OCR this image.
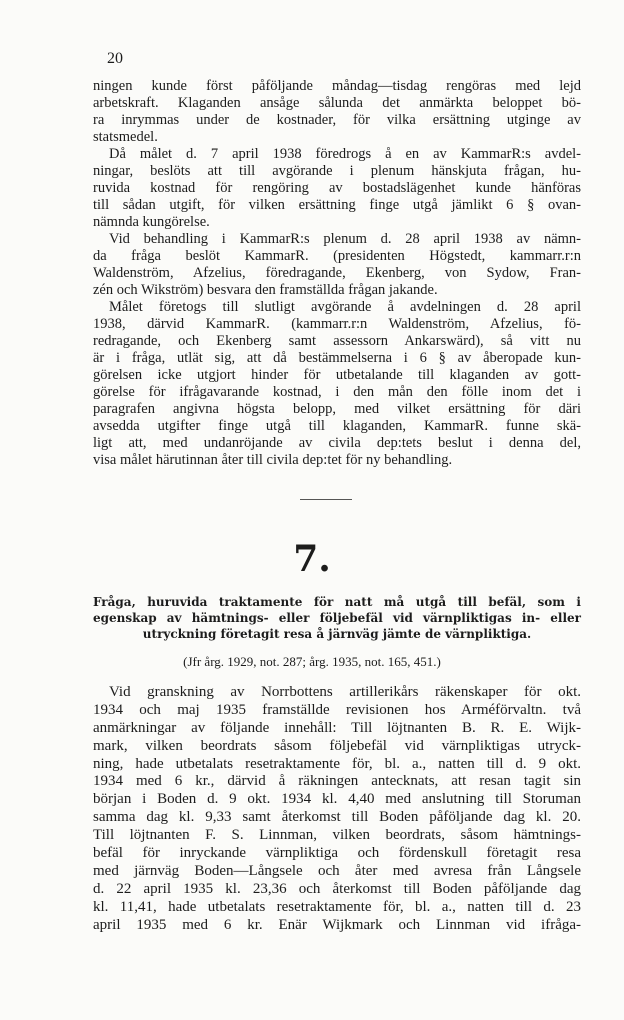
20
ningen kunde först påföljande måndag—tisdag rengöras med lejd
arbetskraft. Klaganden ansåge sålunda det anmärkta beloppet bö-
ra inrymmas under de kostnader, för vilka ersättning utginge av
statsmedel.
Då målet d. 7 april 1938 föredrogs å en av KammarR:s avdel-
ningar, beslöts att till avgörande i plenum hänskjuta frågan, hu-
ruvida kostnad för rengöring av bostadslägenhet kunde hänföras
till sådan utgift, för vilken ersättning finge utgå jämlikt 6 § ovan-
nämnda kungörelse.
Vid behandling i KammarR:s plenum d. 28 april 1938 av nämn-
da fråga beslöt KammarR. (presidenten Högstedt, kammarr.r:n
Waldenström, Afzelius, föredragande, Ekenberg, von Sydow, Fran-
zén och Wikström) besvara den framställda frågan jakande.
Målet företogs till slutligt avgörande å avdelningen d. 28 april
1938, därvid KammarR. (kammarr.r:n Waldenström, Afzelius, fö-
redragande, och Ekenberg samt assessorn Ankarswärd), så vitt nu
är i fråga, utlät sig, att då bestämmelserna i 6 § av åberopade kun-
görelsen icke utgjort hinder för utbetalande till klaganden av gott-
görelse för ifrågavarande kostnad, i den mån den fölle inom det i
paragrafen angivna högsta belopp, med vilket ersättning för däri
avsedda utgifter finge utgå till klaganden, KammarR. funne skä-
ligt att, med undanröjande av civila dep:tets beslut i denna del,
visa målet härutinnan åter till civila dep:tet för ny behandling.
7.
Fråga, huruvida traktamente för natt må utgå till befäl, som i
egenskap av hämtnings- eller följebefäl vid värnpliktigas in- eller
utryckning företagit resa å järnväg jämte de värnpliktiga.
(Jfr årg. 1929, not. 287; årg. 1935, not. 165, 451.)
Vid granskning av Norrbottens artillerikårs räkenskaper för okt.
1934 och maj 1935 framställde revisionen hos Arméförvaltn. två
anmärkningar av följande innehåll: Till löjtnanten B. R. E. Wijk-
mark, vilken beordrats såsom följebefäl vid värnpliktigas utryck-
ning, hade utbetalats resetraktamente för, bl. a., natten till d. 9 okt.
1934 med 6 kr., därvid å räkningen antecknats, att resan tagit sin
början i Boden d. 9 okt. 1934 kl. 4,40 med anslutning till Storuman
samma dag kl. 9,33 samt återkomst till Boden påföljande dag kl. 20.
Till löjtnanten F. S. Linnman, vilken beordrats, såsom hämtnings-
befäl för inryckande värnpliktiga och fördenskull företagit resa
med järnväg Boden—Långsele och åter med avresa från Långsele
d. 22 april 1935 kl. 23,36 och återkomst till Boden påföljande dag
kl. 11,41, hade utbetalats resetraktamente för, bl. a., natten till d. 23
april 1935 med 6 kr. Enär Wijkmark och Linnman vid ifråga-
